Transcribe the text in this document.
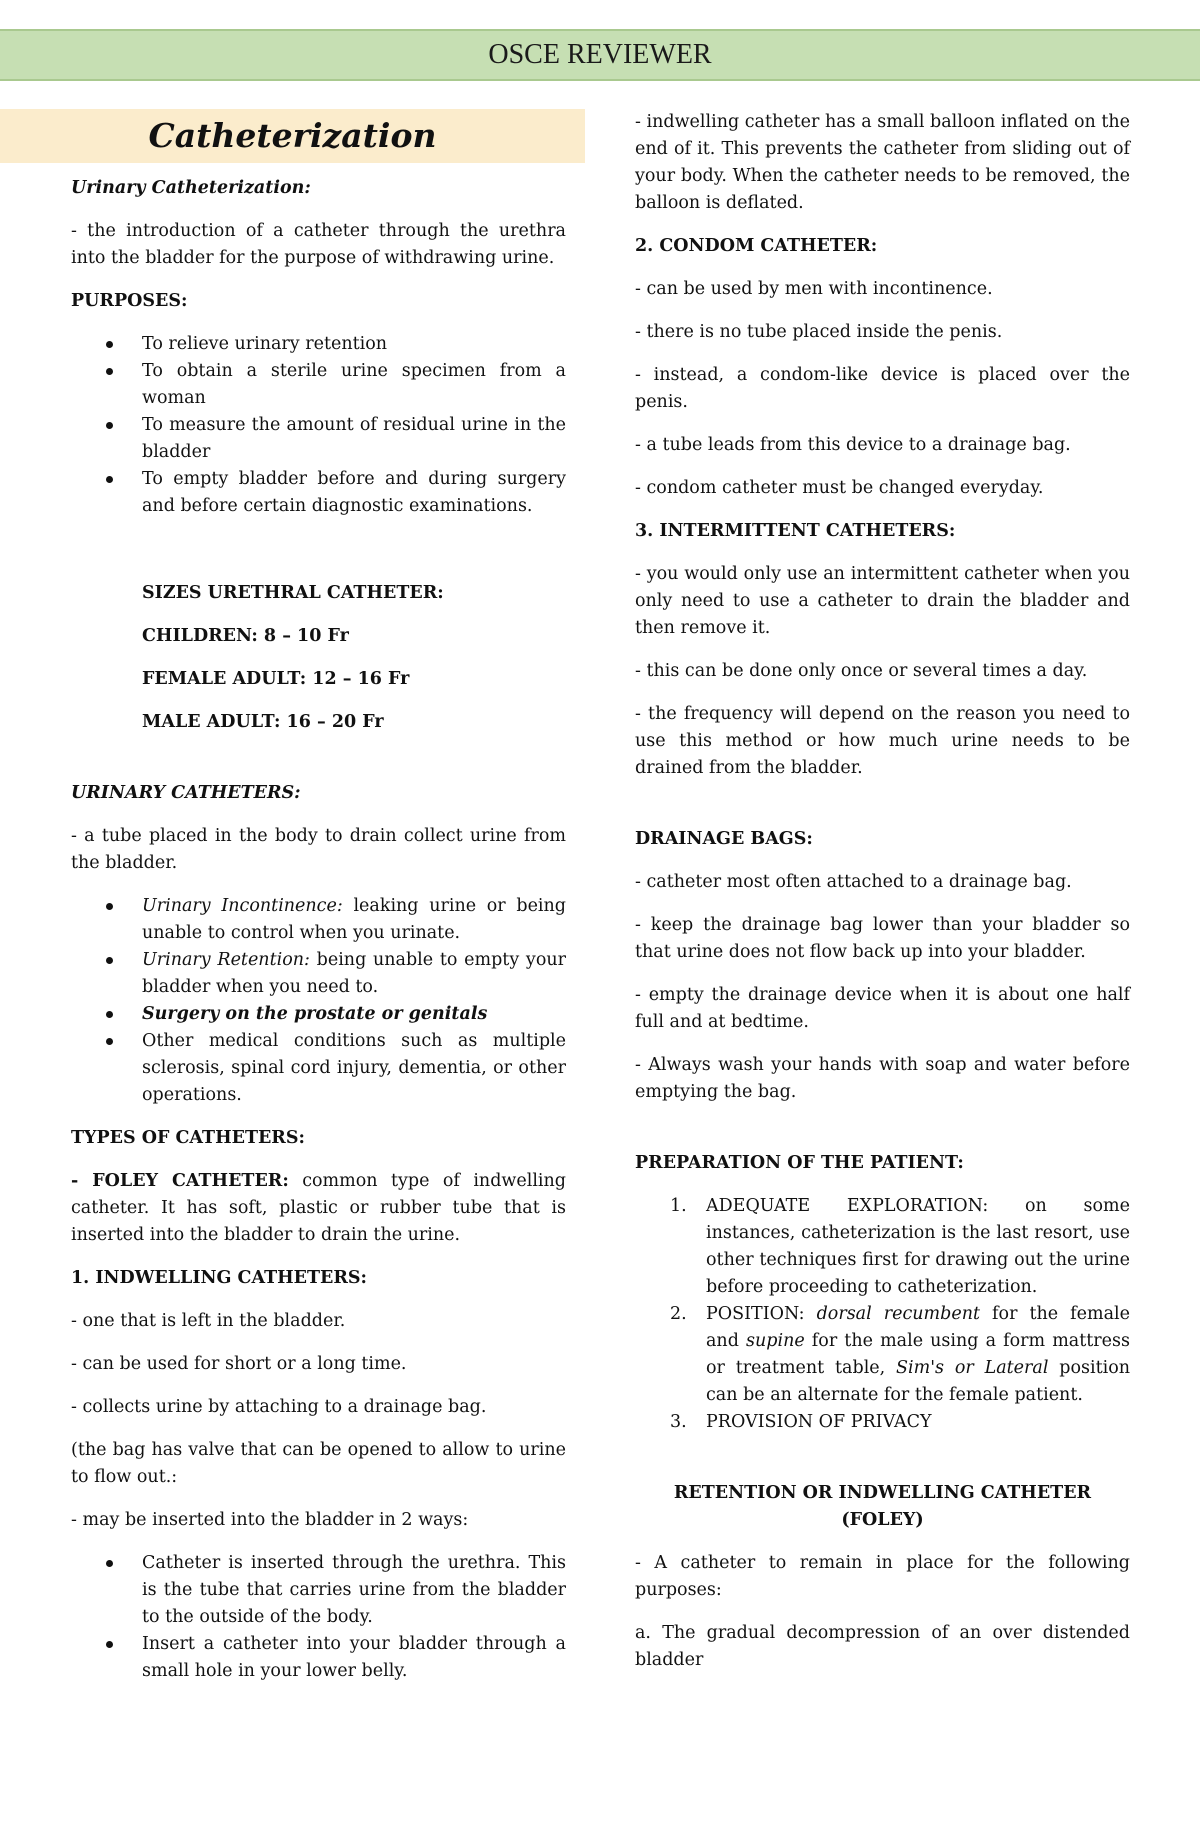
OSCE REVIEWER
Catheterization

Urinary Catheterization:

- the introduction of a catheter through the urethra into the bladder for the purpose of withdrawing urine.

PURPOSES:

To relieve urinary retention
To obtain a sterile urine specimen from a woman
To measure the amount of residual urine in the bladder
To empty bladder before and during surgery and before certain diagnostic examinations.

SIZES URETHRAL CATHETER:

CHILDREN: 8 – 10 Fr

FEMALE ADULT: 12 – 16 Fr

MALE ADULT: 16 – 20 Fr

URINARY CATHETERS:

- a tube placed in the body to drain collect urine from the bladder.

Urinary Incontinence: leaking urine or being unable to control when you urinate.
Urinary Retention: being unable to empty your bladder when you need to.
Surgery on the prostate or genitals
Other medical conditions such as multiple sclerosis, spinal cord injury, dementia, or other operations.

TYPES OF CATHETERS:

- FOLEY CATHETER: common type of indwelling catheter. It has soft, plastic or rubber tube that is inserted into the bladder to drain the urine.

1. INDWELLING CATHETERS:

- one that is left in the bladder.

- can be used for short or a long time.

- collects urine by attaching to a drainage bag.

(the bag has valve that can be opened to allow to urine to flow out.:

- may be inserted into the bladder in 2 ways:

Catheter is inserted through the urethra. This is the tube that carries urine from the bladder to the outside of the body.
Insert a catheter into your bladder through a small hole in your lower belly.

- indwelling catheter has a small balloon inflated on the end of it. This prevents the catheter from sliding out of your body. When the catheter needs to be removed, the balloon is deflated.

2. CONDOM CATHETER:

- can be used by men with incontinence.

- there is no tube placed inside the penis.

- instead, a condom-like device is placed over the penis.

- a tube leads from this device to a drainage bag.

- condom catheter must be changed everyday.

3. INTERMITTENT CATHETERS:

- you would only use an intermittent catheter when you only need to use a catheter to drain the bladder and then remove it.

- this can be done only once or several times a day.

- the frequency will depend on the reason you need to use this method or how much urine needs to be drained from the bladder.

DRAINAGE BAGS:

- catheter most often attached to a drainage bag.

- keep the drainage bag lower than your bladder so that urine does not flow back up into your bladder.

- empty the drainage device when it is about one half full and at bedtime.

- Always wash your hands with soap and water before emptying the bag.

PREPARATION OF THE PATIENT:

1. ADEQUATE EXPLORATION: on some instances, catheterization is the last resort, use other techniques first for drawing out the urine before proceeding to catheterization.
2. POSITION: dorsal recumbent for the female and supine for the male using a form mattress or treatment table, Sim's or Lateral position can be an alternate for the female patient.
3. PROVISION OF PRIVACY

RETENTION OR INDWELLING CATHETER (FOLEY)

- A catheter to remain in place for the following purposes:

a. The gradual decompression of an over distended bladder
